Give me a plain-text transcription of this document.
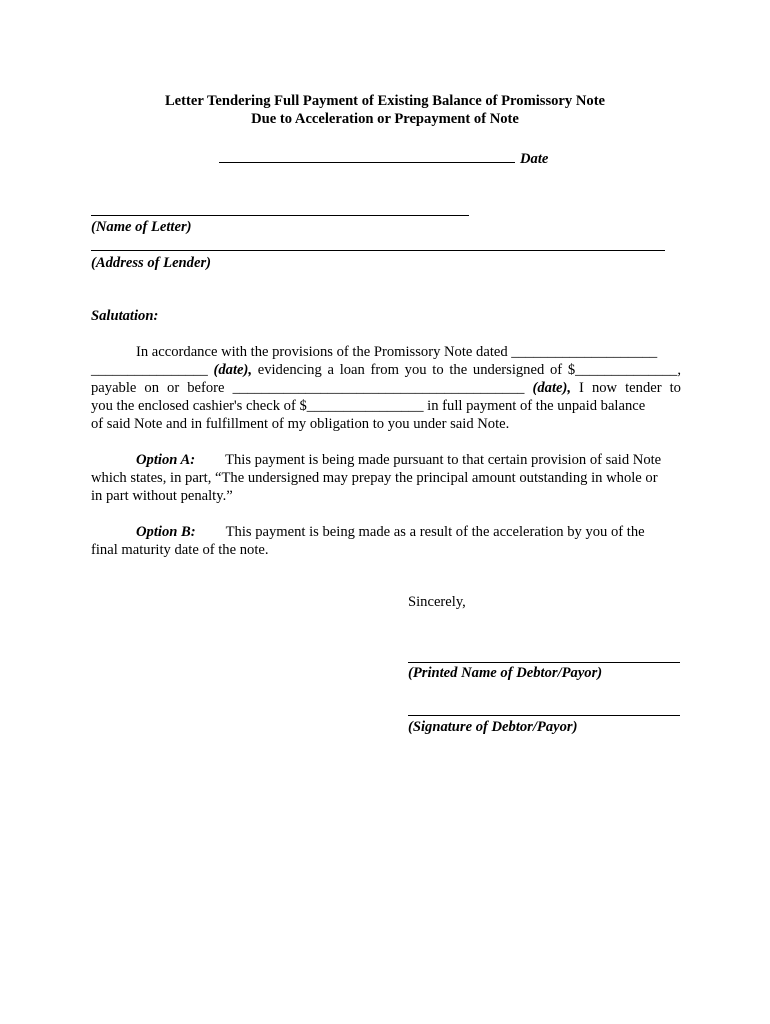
Letter Tendering Full Payment of Existing Balance of Promissory Note
Due to Acceleration or Prepayment of Note

Date
(Name of Letter)
(Address of Lender)
Salutation:
In accordance with the provisions of the Promissory Note dated ____________________
________________ (date), evidencing a loan from you to the undersigned of $______________,
payable on or before ________________________________________ (date), I now tender to
you the enclosed cashier's check of $________________ in full payment of the unpaid balance
of said Note and in fulfillment of my obligation to you under said Note.
Option A: This payment is being made pursuant to that certain provision of said Note
which states, in part, “The undersigned may prepay the principal amount outstanding in whole or
in part without penalty.”
Option B: This payment is being made as a result of the acceleration by you of the
final maturity date of the note.
Sincerely,
(Printed Name of Debtor/Payor)
(Signature of Debtor/Payor)
